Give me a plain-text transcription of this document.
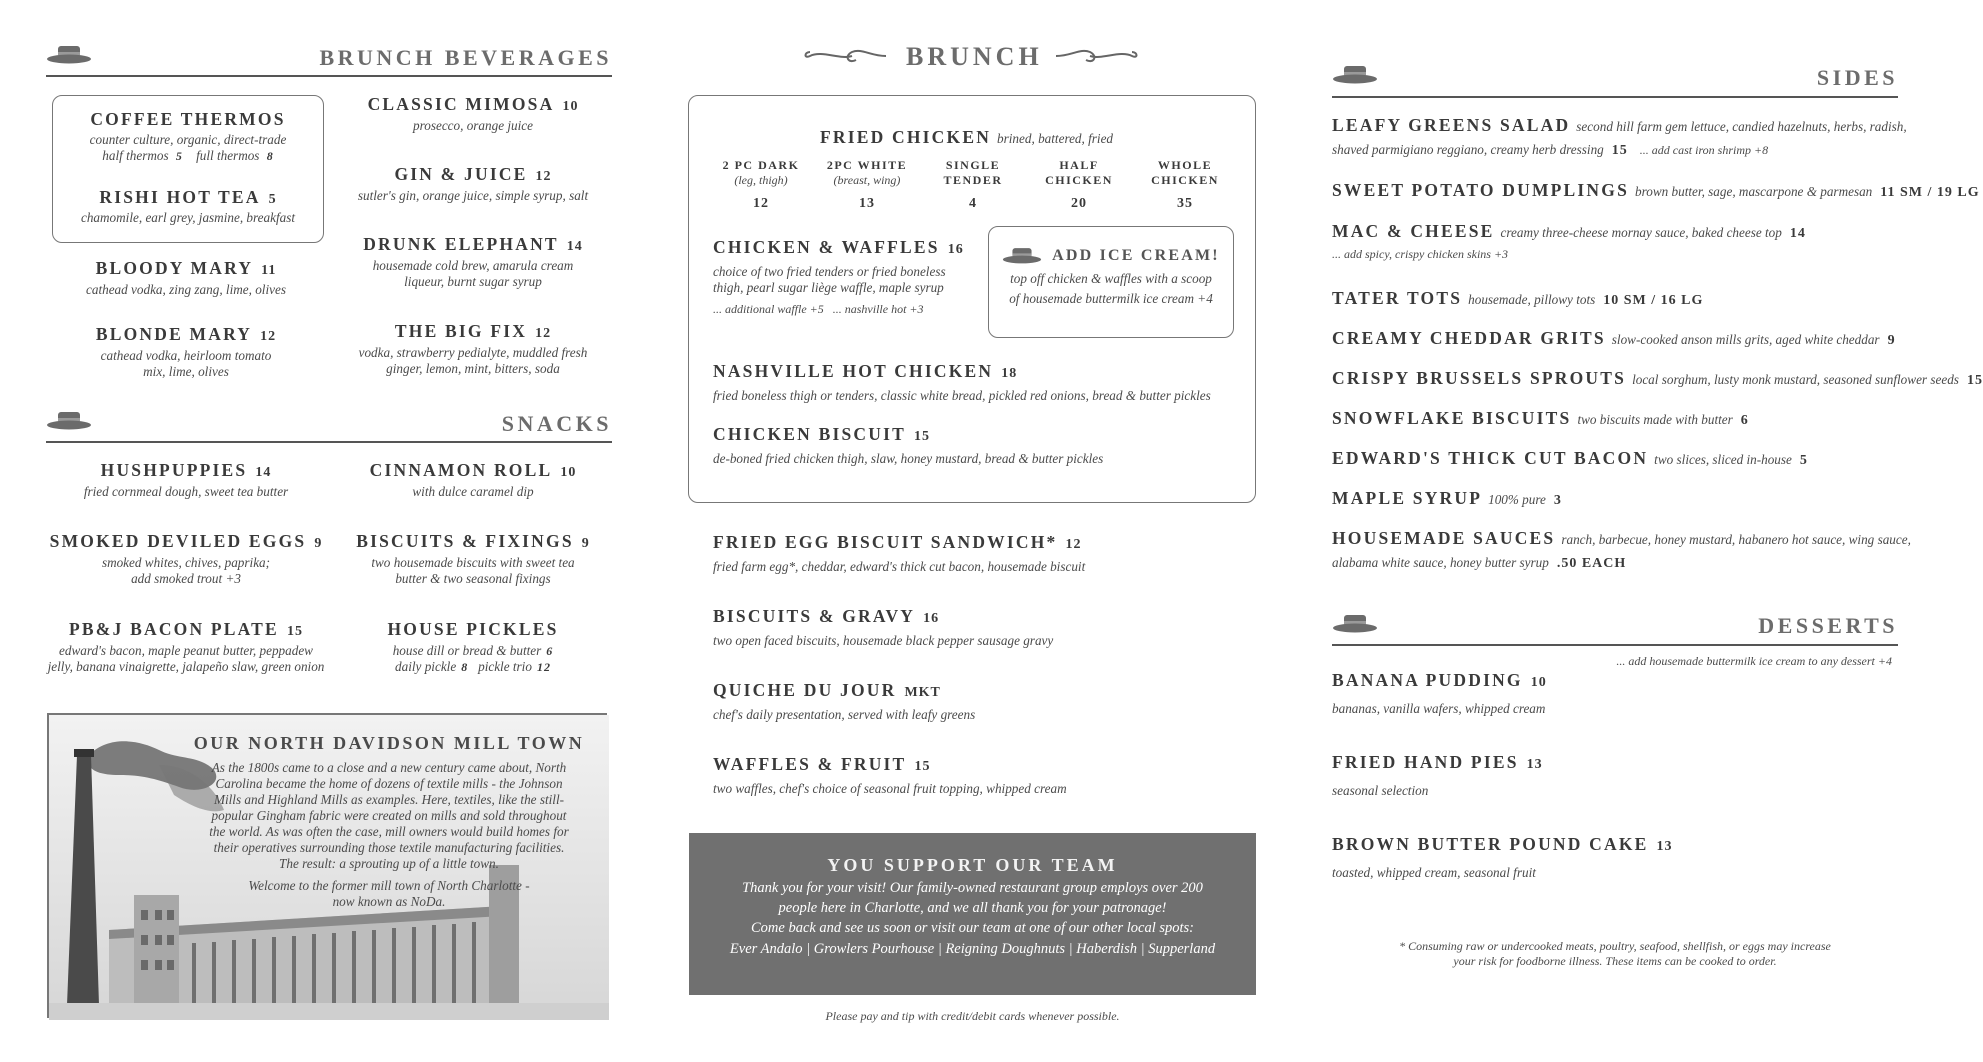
BRUNCH BEVERAGES
COFFEE THERMOS
counter culture, organic, direct-trade
half thermos 5 full thermos 8
RISHI HOT TEA 5
chamomile, earl grey, jasmine, breakfast
BLOODY MARY 11
cathead vodka, zing zang, lime, olives
BLONDE MARY 12
cathead vodka, heirloom tomato
mix, lime, olives
CLASSIC MIMOSA 10
prosecco, orange juice
GIN & JUICE 12
sutler's gin, orange juice, simple syrup, salt
DRUNK ELEPHANT 14
housemade cold brew, amarula cream
liqueur, burnt sugar syrup
THE BIG FIX 12
vodka, strawberry pedialyte, muddled fresh
ginger, lemon, mint, bitters, soda
SNACKS
HUSHPUPPIES 14
fried cornmeal dough, sweet tea butter
SMOKED DEVILED EGGS 9
smoked whites, chives, paprika;
add smoked trout +3
PB&J BACON PLATE 15
edward's bacon, maple peanut butter, peppadew
jelly, banana vinaigrette, jalapeño slaw, green onion
CINNAMON ROLL 10
with dulce caramel dip
BISCUITS & FIXINGS 9
two housemade biscuits with sweet tea
butter & two seasonal fixings
HOUSE PICKLES
house dill or bread & butter 6
daily pickle 8 pickle trio 12
OUR NORTH DAVIDSON MILL TOWN
As the 1800s came to a close and a new century came about, North
Carolina became the home of dozens of textile mills - the Johnson
Mills and Highland Mills as examples. Here, textiles, like the still-
popular Gingham fabric were created on mills and sold throughout
the world. As was often the case, mill owners would build homes for
their operatives surrounding those textile manufacturing facilities.
The result: a sprouting up of a little town.
Welcome to the former mill town of North Charlotte -
now known as NoDa.
BRUNCH
FRIED CHICKEN brined, battered, fried
2 PC DARK
(leg, thigh)
12
2PC WHITE
(breast, wing)
13
SINGLE
TENDER
4
HALF
CHICKEN
20
WHOLE
CHICKEN
35
CHICKEN & WAFFLES 16
choice of two fried tenders or fried boneless
thigh, pearl sugar liège waffle, maple syrup
... additional waffle +5 ... nashville hot +3
ADD ICE CREAM!
top off chicken & waffles with a scoop
of housemade buttermilk ice cream +4
NASHVILLE HOT CHICKEN 18
fried boneless thigh or tenders, classic white bread, pickled red onions, bread & butter pickles
CHICKEN BISCUIT 15
de-boned fried chicken thigh, slaw, honey mustard, bread & butter pickles
FRIED EGG BISCUIT SANDWICH* 12
fried farm egg*, cheddar, edward's thick cut bacon, housemade biscuit
BISCUITS & GRAVY 16
two open faced biscuits, housemade black pepper sausage gravy
QUICHE DU JOUR MKT
chef's daily presentation, served with leafy greens
WAFFLES & FRUIT 15
two waffles, chef's choice of seasonal fruit topping, whipped cream
YOU SUPPORT OUR TEAM
Thank you for your visit! Our family-owned restaurant group employs over 200
people here in Charlotte, and we all thank you for your patronage!
Come back and see us soon or visit our team at one of our other local spots:
Ever Andalo | Growlers Pourhouse | Reigning Doughnuts | Haberdish | Supperland
Please pay and tip with credit/debit cards whenever possible.
SIDES
LEAFY GREENS SALAD second hill farm gem lettuce, candied hazelnuts, herbs, radish,
shaved parmigiano reggiano, creamy herb dressing 15 ... add cast iron shrimp +8
SWEET POTATO DUMPLINGS brown butter, sage, mascarpone & parmesan 11 SM / 19 LG
MAC & CHEESE creamy three-cheese mornay sauce, baked cheese top 14
... add spicy, crispy chicken skins +3
TATER TOTS housemade, pillowy tots 10 SM / 16 LG
CREAMY CHEDDAR GRITS slow-cooked anson mills grits, aged white cheddar 9
CRISPY BRUSSELS SPROUTS local sorghum, lusty monk mustard, seasoned sunflower seeds 15
SNOWFLAKE BISCUITS two biscuits made with butter 6
EDWARD'S THICK CUT BACON two slices, sliced in-house 5
MAPLE SYRUP 100% pure 3
HOUSEMADE SAUCES ranch, barbecue, honey mustard, habanero hot sauce, wing sauce,
alabama white sauce, honey butter syrup .50 EACH
DESSERTS
... add housemade buttermilk ice cream to any dessert +4
BANANA PUDDING 10
bananas, vanilla wafers, whipped cream
FRIED HAND PIES 13
seasonal selection
BROWN BUTTER POUND CAKE 13
toasted, whipped cream, seasonal fruit
* Consuming raw or undercooked meats, poultry, seafood, shellfish, or eggs may increase
your risk for foodborne illness. These items can be cooked to order.
